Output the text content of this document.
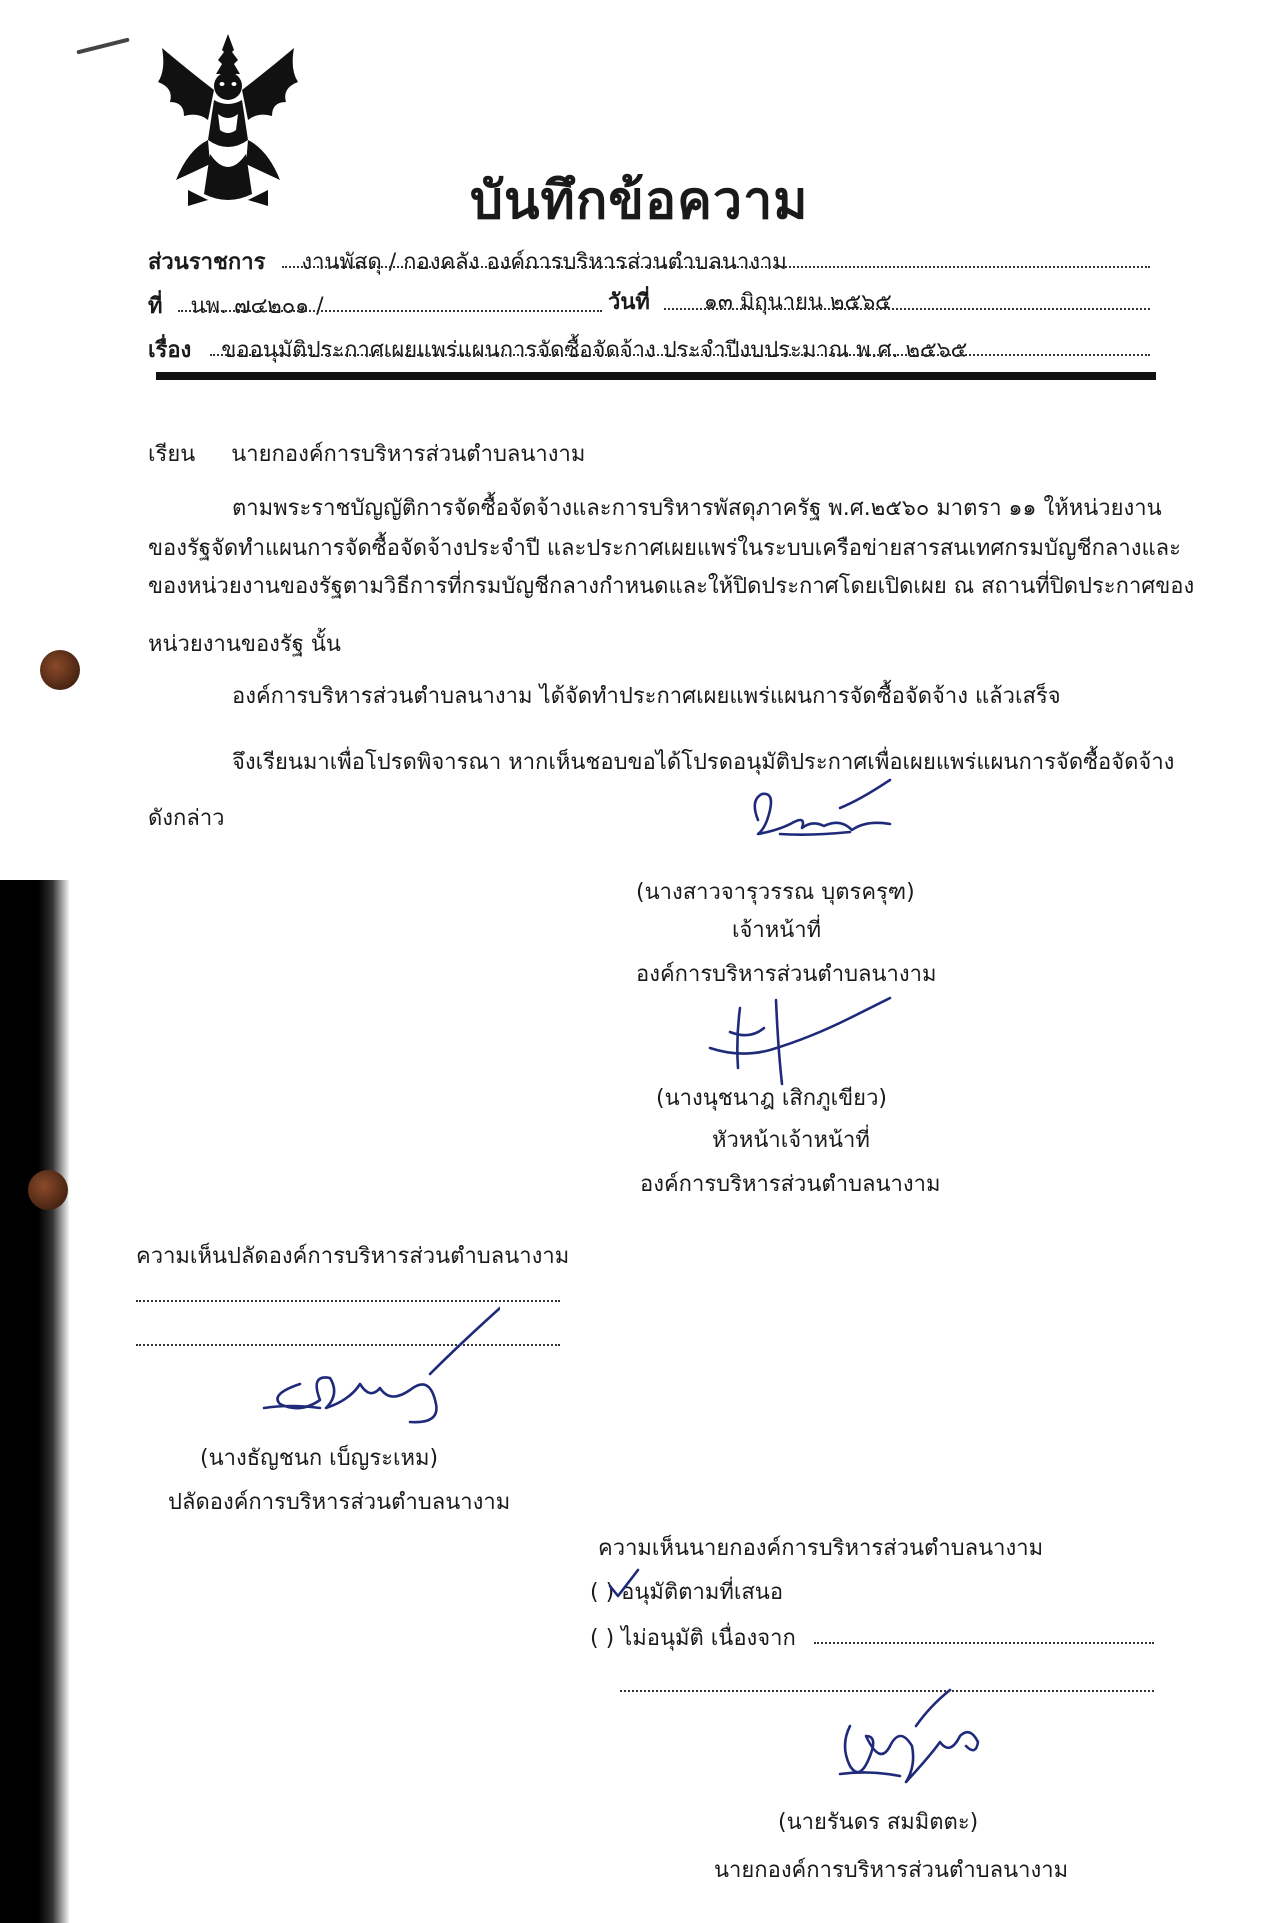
บันทึกข้อความ
ส่วนราชการ งานพัสดุ / กองคลัง องค์การบริหารส่วนตำบลนางาม
ที่ นพ. ๗๔๒๐๑ /	วันที่ ๑๓ มิถุนายน ๒๕๖๕
เรื่อง ขออนุมัติประกาศเผยแพร่แผนการจัดซื้อจัดจ้าง ประจำปีงบประมาณ พ.ศ. ๒๕๖๕
เรียน นายกองค์การบริหารส่วนตำบลนางาม
ตามพระราชบัญญัติการจัดซื้อจัดจ้างและการบริหารพัสดุภาครัฐ พ.ศ.๒๕๖๐ มาตรา ๑๑ ให้หน่วยงาน
ของรัฐจัดทำแผนการจัดซื้อจัดจ้างประจำปี และประกาศเผยแพร่ในระบบเครือข่ายสารสนเทศกรมบัญชีกลางและ
ของหน่วยงานของรัฐตามวิธีการที่กรมบัญชีกลางกำหนดและให้ปิดประกาศโดยเปิดเผย ณ สถานที่ปิดประกาศของ
หน่วยงานของรัฐ นั้น
องค์การบริหารส่วนตำบลนางาม ได้จัดทำประกาศเผยแพร่แผนการจัดซื้อจัดจ้าง แล้วเสร็จ
จึงเรียนมาเพื่อโปรดพิจารณา หากเห็นชอบขอได้โปรดอนุมัติประกาศเพื่อเผยแพร่แผนการจัดซื้อจัดจ้าง
ดังกล่าว
(นางสาวจารุวรรณ บุตรครุฑ)
เจ้าหน้าที่
องค์การบริหารส่วนตำบลนางาม
(นางนุชนาฎ เสิกภูเขียว)
หัวหน้าเจ้าหน้าที่
องค์การบริหารส่วนตำบลนางาม
ความเห็นปลัดองค์การบริหารส่วนตำบลนางาม
(นางธัญชนก เบ็ญระเหม)
ปลัดองค์การบริหารส่วนตำบลนางาม
ความเห็นนายกองค์การบริหารส่วนตำบลนางาม
( ) อนุมัติตามที่เสนอ
( ) ไม่อนุมัติ เนื่องจาก
(นายรันดร สมมิตตะ)
นายกองค์การบริหารส่วนตำบลนางาม
